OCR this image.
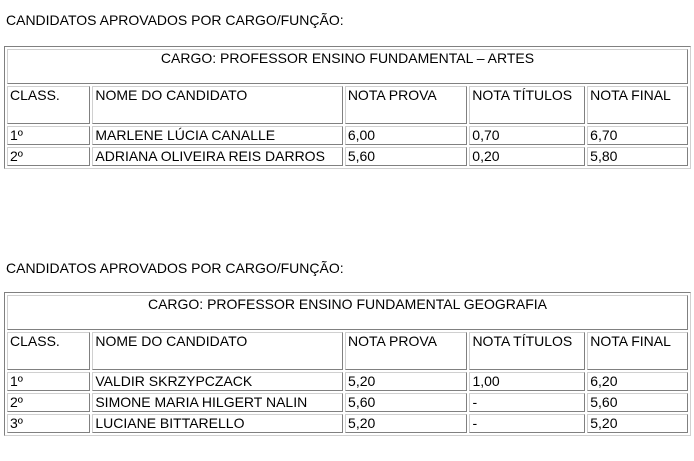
CANDIDATOS APROVADOS POR CARGO/FUNÇÃO:
CARGO: PROFESSOR ENSINO FUNDAMENTAL – ARTES				
CLASS.	NOME DO CANDIDATO	NOTA PROVA	NOTA TÍTULOS	NOTA FINAL
1º	MARLENE LÚCIA CANALLE	6,00	0,70	6,70
2º	ADRIANA OLIVEIRA REIS DARROS	5,60	0,20	5,80
CANDIDATOS APROVADOS POR CARGO/FUNÇÃO:
CARGO: PROFESSOR ENSINO FUNDAMENTAL GEOGRAFIA				
CLASS.	NOME DO CANDIDATO	NOTA PROVA	NOTA TÍTULOS	NOTA FINAL
1º	VALDIR SKRZYPCZACK	5,20	1,00	6,20
2º	SIMONE MARIA HILGERT NALIN	5,60	-	5,60
3º	LUCIANE BITTARELLO	5,20	-	5,20
